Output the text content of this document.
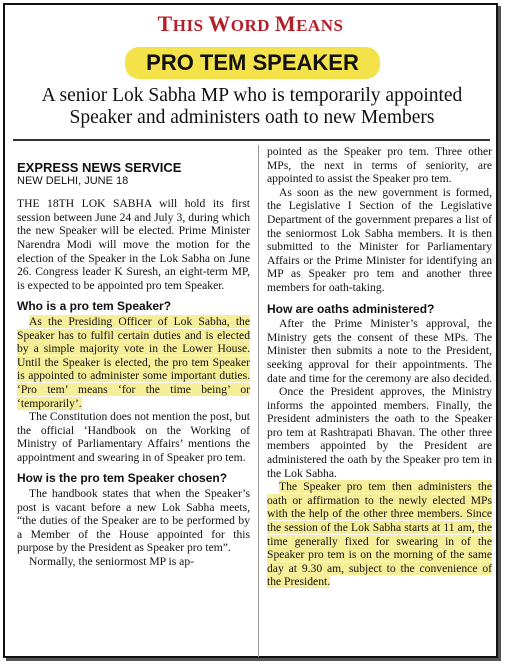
THIS WORD MEANS
PRO TEM SPEAKER
A senior Lok Sabha MP who is temporarily appointed Speaker and administers oath to new Members
EXPRESS NEWS SERVICE
NEW DELHI, JUNE 18

THE 18TH LOK SABHA will hold its first session between June 24 and July 3, during which the new Speaker will be elected. Prime Minister Narendra Modi will move the motion for the election of the Speaker in the Lok Sabha on June 26. Congress leader K Suresh, an eight-term MP, is expected to be appointed pro tem Speaker.

Who is a pro tem Speaker?

As the Presiding Officer of Lok Sabha, the Speaker has to fulfil certain duties and is elected by a simple majority vote in the Lower House. Until the Speaker is elected, the pro tem Speaker is appointed to administer some important duties. ‘Pro tem’ means ‘for the time being’ or ‘temporarily’.

The Constitution does not mention the post, but the official ‘Handbook on the Working of Ministry of Parliamentary Affairs’ mentions the appointment and swearing in of Speaker pro tem.

How is the pro tem Speaker chosen?

The handbook states that when the Speaker’s post is vacant before a new Lok Sabha meets, “the duties of the Speaker are to be performed by a Member of the House appointed for this purpose by the President as Speaker pro tem”.

Normally, the seniormost MP is ap-

pointed as the Speaker pro tem. Three other MPs, the next in terms of seniority, are appointed to assist the Speaker pro tem.

As soon as the new government is formed, the Legislative I Section of the Legislative Department of the government prepares a list of the seniormost Lok Sabha members. It is then submitted to the Minister for Parliamentary Affairs or the Prime Minister for identifying an MP as Speaker pro tem and another three members for oath-taking.

How are oaths administered?

After the Prime Minister’s approval, the Ministry gets the consent of these MPs. The Minister then submits a note to the President, seeking approval for their appointments. The date and time for the ceremony are also decided.

Once the President approves, the Ministry informs the appointed members. Finally, the President administers the oath to the Speaker pro tem at Rashtrapati Bhavan. The other three members appointed by the President are administered the oath by the Speaker pro tem in the Lok Sabha.

The Speaker pro tem then administers the oath or affirmation to the newly elected MPs with the help of the other three members. Since the session of the Lok Sabha starts at 11 am, the time generally fixed for swearing in of the Speaker pro tem is on the morning of the same day at 9.30 am, subject to the convenience of the President.
